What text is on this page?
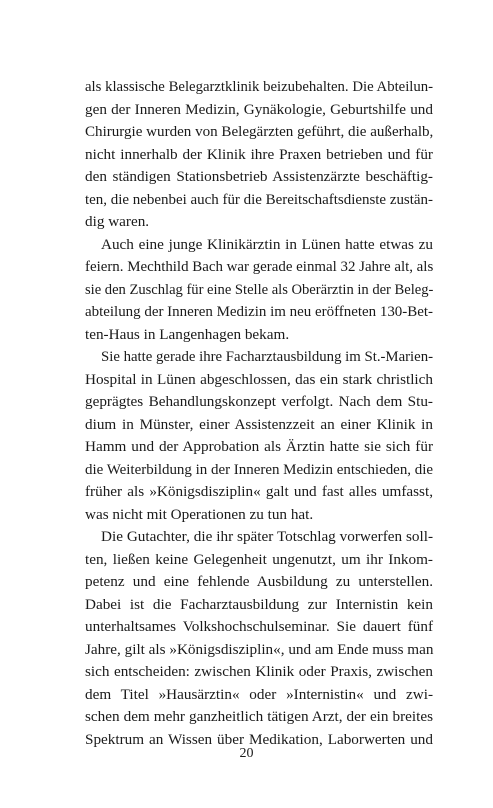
als klassische Belegarztklinik beizubehalten. Die Abteilun-
gen der Inneren Medizin, Gynäkologie, Geburtshilfe und
Chirurgie wurden von Belegärzten geführt, die außerhalb,
nicht innerhalb der Klinik ihre Praxen betrieben und für
den ständigen Stationsbetrieb Assistenzärzte beschäftig-
ten, die nebenbei auch für die Bereitschaftsdienste zustän-
dig waren.
Auch eine junge Klinikärztin in Lünen hatte etwas zu
feiern. Mechthild Bach war gerade einmal 32 Jahre alt, als
sie den Zuschlag für eine Stelle als Oberärztin in der Beleg-
abteilung der Inneren Medizin im neu eröffneten 130-Bet-
ten-Haus in Langenhagen bekam.
Sie hatte gerade ihre Facharztausbildung im St.-Marien-
Hospital in Lünen abgeschlossen, das ein stark christlich
geprägtes Behandlungskonzept verfolgt. Nach dem Stu-
dium in Münster, einer Assistenzzeit an einer Klinik in
Hamm und der Approbation als Ärztin hatte sie sich für
die Weiterbildung in der Inneren Medizin entschieden, die
früher als »Königsdisziplin« galt und fast alles umfasst,
was nicht mit Operationen zu tun hat.
Die Gutachter, die ihr später Totschlag vorwerfen soll-
ten, ließen keine Gelegenheit ungenutzt, um ihr Inkom-
petenz und eine fehlende Ausbildung zu unterstellen.
Dabei ist die Facharztausbildung zur Internistin kein
unterhaltsames Volkshochschulseminar. Sie dauert fünf
Jahre, gilt als »Königsdisziplin«, und am Ende muss man
sich entscheiden: zwischen Klinik oder Praxis, zwischen
dem Titel »Hausärztin« oder »Internistin« und zwi-
schen dem mehr ganzheitlich tätigen Arzt, der ein breites
Spektrum an Wissen über Medikation, Laborwerten und
20
